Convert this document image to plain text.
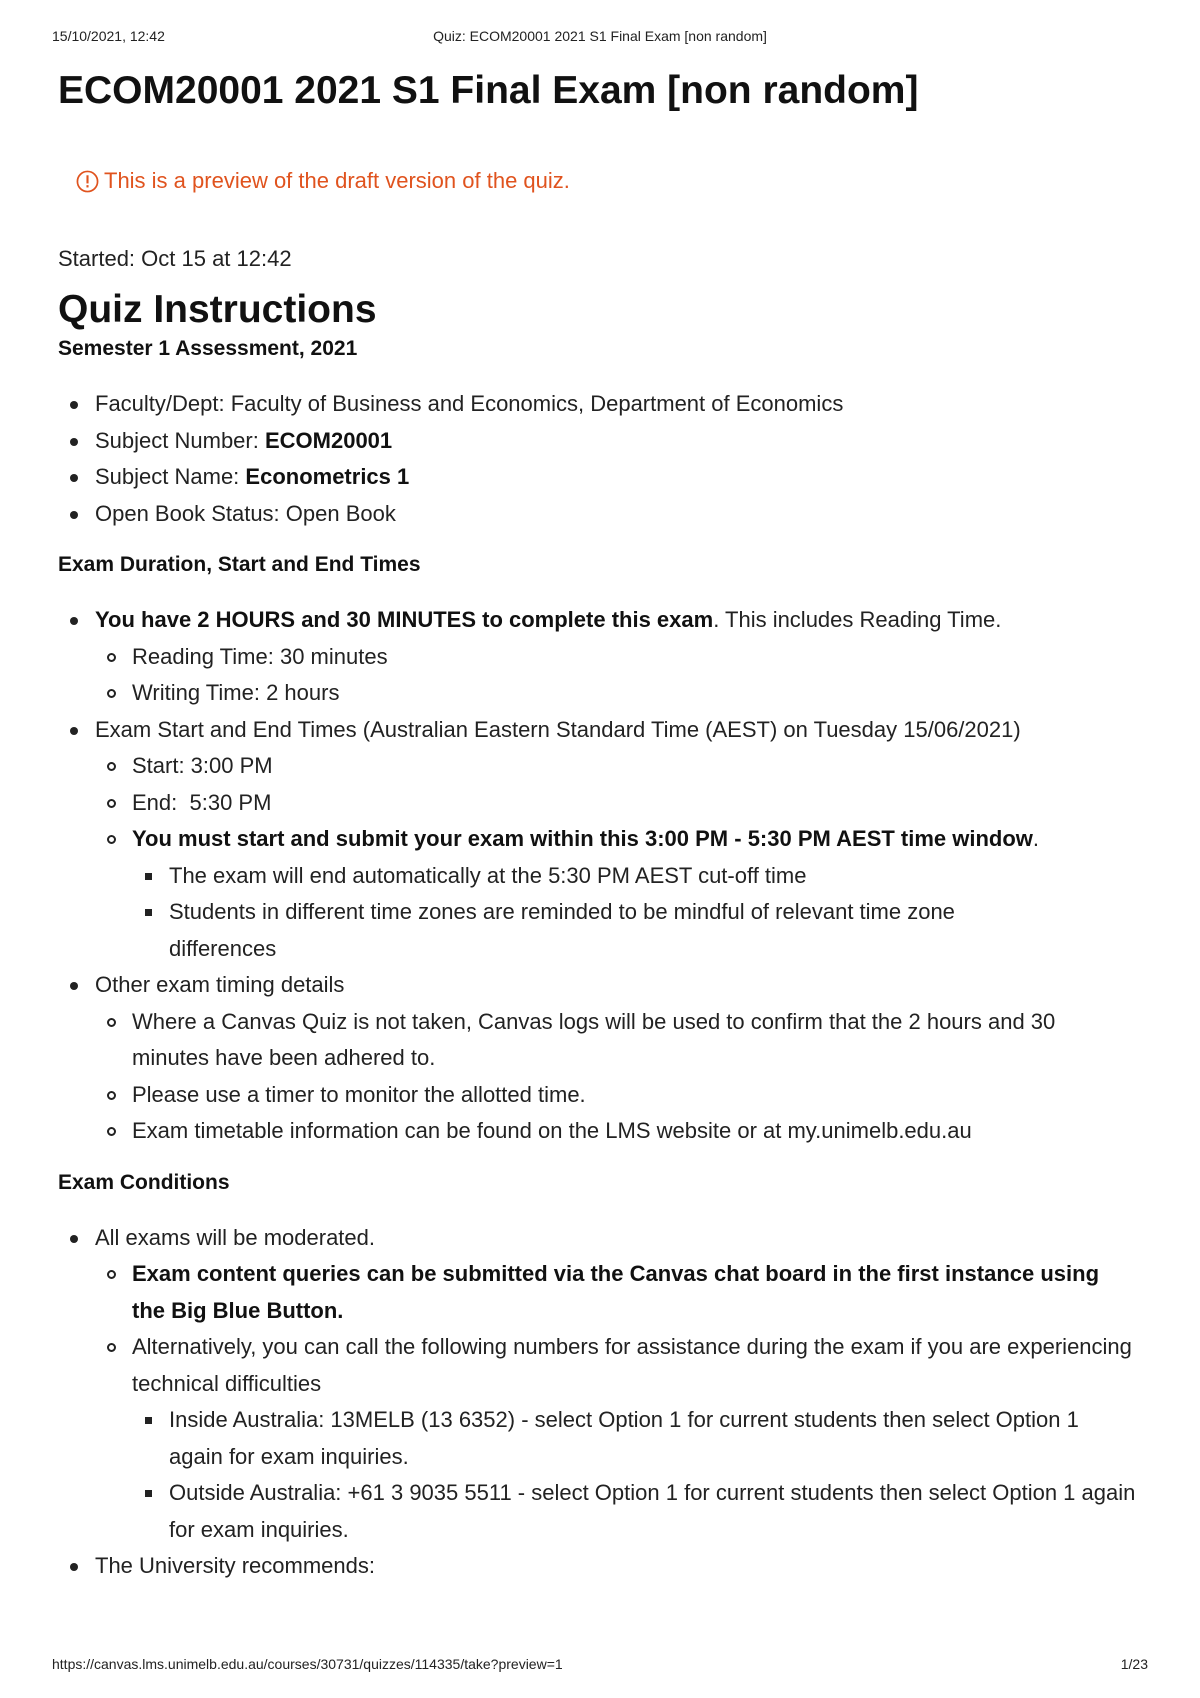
15/10/2021, 12:42	Quiz: ECOM20001 2021 S1 Final Exam [non random]
ECOM20001 2021 S1 Final Exam [non random]
This is a preview of the draft version of the quiz.
Started: Oct 15 at 12:42
Quiz Instructions
Semester 1 Assessment, 2021
Faculty/Dept: Faculty of Business and Economics, Department of Economics
Subject Number: ECOM20001
Subject Name: Econometrics 1
Open Book Status: Open Book
Exam Duration, Start and End Times
You have 2 HOURS and 30 MINUTES to complete this exam. This includes Reading Time.
Reading Time: 30 minutes
Writing Time: 2 hours
Exam Start and End Times (Australian Eastern Standard Time (AEST) on Tuesday 15/06/2021)
Start: 3:00 PM
End:  5:30 PM
You must start and submit your exam within this 3:00 PM - 5:30 PM AEST time window.
The exam will end automatically at the 5:30 PM AEST cut-off time
Students in different time zones are reminded to be mindful of relevant time zone differences
Other exam timing details
Where a Canvas Quiz is not taken, Canvas logs will be used to confirm that the 2 hours and 30 minutes have been adhered to.
Please use a timer to monitor the allotted time.
Exam timetable information can be found on the LMS website or at my.unimelb.edu.au
Exam Conditions
All exams will be moderated.
Exam content queries can be submitted via the Canvas chat board in the first instance using the Big Blue Button.
Alternatively, you can call the following numbers for assistance during the exam if you are experiencing technical difficulties
Inside Australia: 13MELB (13 6352) - select Option 1 for current students then select Option 1 again for exam inquiries.
Outside Australia: +61 3 9035 5511 - select Option 1 for current students then select Option 1 again for exam inquiries.
The University recommends:
https://canvas.lms.unimelb.edu.au/courses/30731/quizzes/114335/take?preview=1	1/23
